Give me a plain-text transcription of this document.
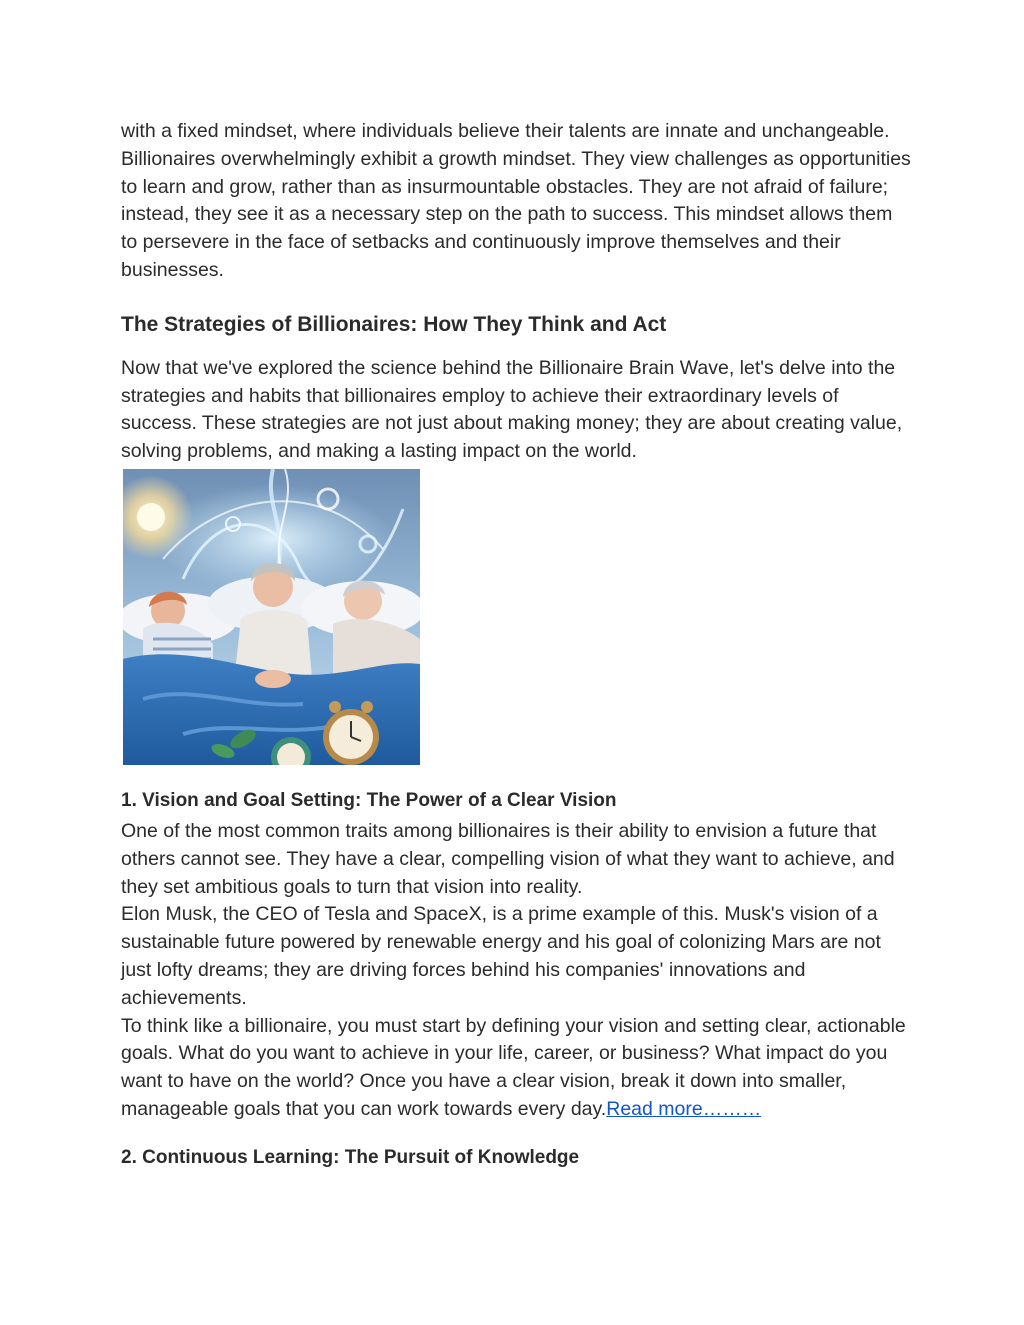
with a fixed mindset, where individuals believe their talents are innate and unchangeable.

Billionaires overwhelmingly exhibit a growth mindset. They view challenges as opportunities to learn and grow, rather than as insurmountable obstacles. They are not afraid of failure; instead, they see it as a necessary step on the path to success. This mindset allows them to persevere in the face of setbacks and continuously improve themselves and their businesses.

The Strategies of Billionaires: How They Think and Act

Now that we've explored the science behind the Billionaire Brain Wave, let's delve into the strategies and habits that billionaires employ to achieve their extraordinary levels of success. These strategies are not just about making money; they are about creating value, solving problems, and making a lasting impact on the world.

1. Vision and Goal Setting: The Power of a Clear Vision

One of the most common traits among billionaires is their ability to envision a future that others cannot see. They have a clear, compelling vision of what they want to achieve, and they set ambitious goals to turn that vision into reality.

Elon Musk, the CEO of Tesla and SpaceX, is a prime example of this. Musk's vision of a sustainable future powered by renewable energy and his goal of colonizing Mars are not just lofty dreams; they are driving forces behind his companies' innovations and achievements.

To think like a billionaire, you must start by defining your vision and setting clear, actionable goals. What do you want to achieve in your life, career, or business? What impact do you want to have on the world? Once you have a clear vision, break it down into smaller, manageable goals that you can work towards every day.Read more………

2. Continuous Learning: The Pursuit of Knowledge
